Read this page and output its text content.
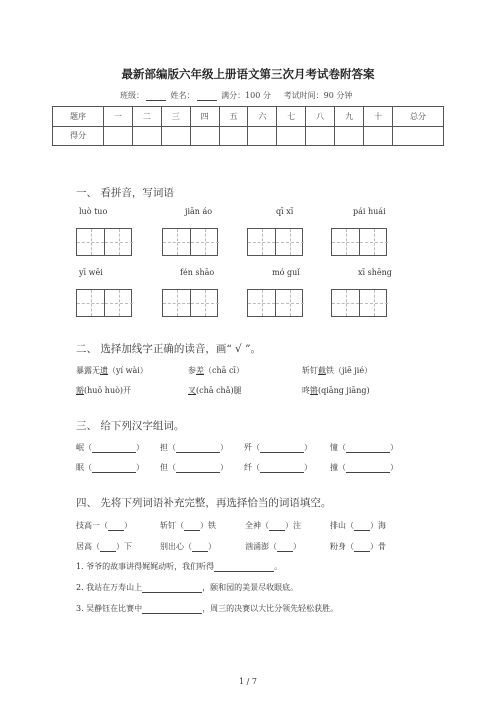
最新部编版六年级上册语文第三次月考试卷附答案
班级：	姓名：	满分：100 分 考试时间：90 分钟
题序	一	二	三	四	五	六	七	八	九	十	总分
得分											
一、 看拼音，写词语
luò tuo	jiān áo	qī xī	pái huái
yī wēi	fén shāo	mó guǐ	xī shēng
二、 选择加线字正确的读音，画“ √ ”。
暴露无遗（yí wài）	参差（chā cī）	斩钉截铁（jiē jié）
豁(huō huò)开	叉(chā chǎ)腿	咚锵(qiāng jiāng)
三、 给下列汉字组词。
岷（	） 担（	） 歼（	） 憧（	）
眠（	） 但（	） 纤（	） 撞（	）
四、 先将下列词语补充完整，再选择恰当的词语填空。
技高一（ ）	斩钉（ ）铁	全神（ ）注	排山（ ）海
居高（ ）下	别出心（ ）	汹涌澎（ ）	粉身（ ）骨
1. 爷爷的故事讲得娓娓动听，我们听得	。
2. 我站在万寿山上	，颐和园的美景尽收眼底。
3. 吴静钰在比赛中	，周三的决赛以大比分领先轻松获胜。
1 / 7
